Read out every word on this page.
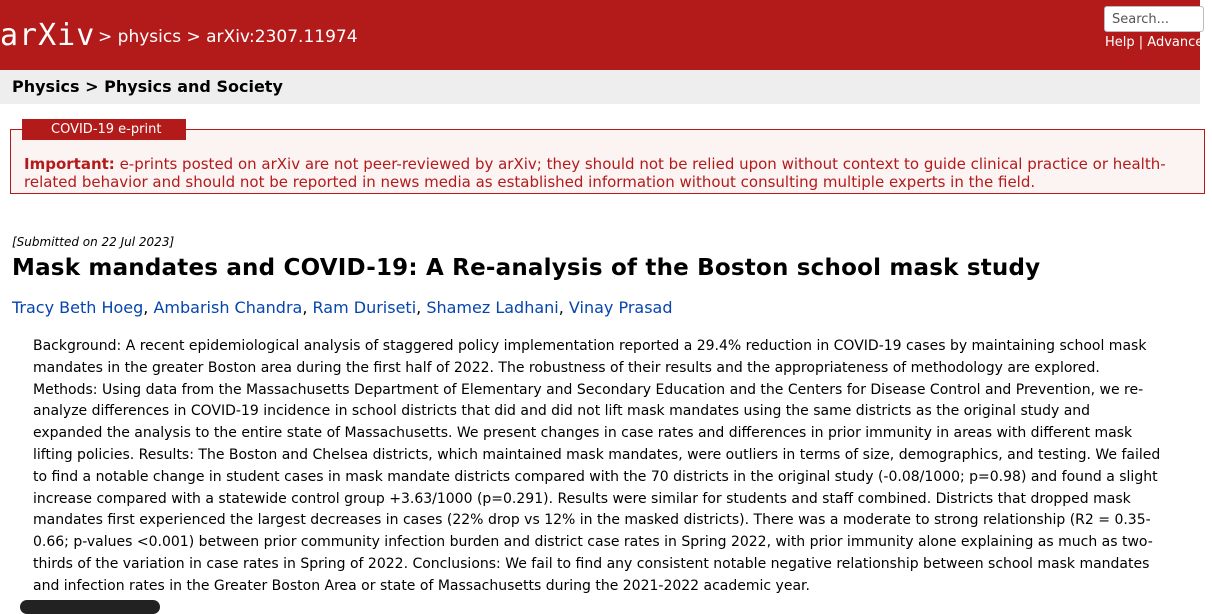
arXiv > physics > arXiv:2307.11974
Search...
Help | Advanced
Physics > Physics and Society
COVID-19 e-print
Important: e-prints posted on arXiv are not peer-reviewed by arXiv; they should not be relied upon without context to guide clinical practice or health-related behavior and should not be reported in news media as established information without consulting multiple experts in the field.
[Submitted on 22 Jul 2023]
Mask mandates and COVID-19: A Re-analysis of the Boston school mask study
Tracy Beth Hoeg, Ambarish Chandra, Ram Duriseti, Shamez Ladhani, Vinay Prasad
Background: A recent epidemiological analysis of staggered policy implementation reported a 29.4% reduction in COVID-19 cases by maintaining school mask mandates in the greater Boston area during the first half of 2022. The robustness of their results and the appropriateness of methodology are explored. Methods: Using data from the Massachusetts Department of Elementary and Secondary Education and the Centers for Disease Control and Prevention, we re-analyze differences in COVID-19 incidence in school districts that did and did not lift mask mandates using the same districts as the original study and expanded the analysis to the entire state of Massachusetts. We present changes in case rates and differences in prior immunity in areas with different mask lifting policies. Results: The Boston and Chelsea districts, which maintained mask mandates, were outliers in terms of size, demographics, and testing. We failed to find a notable change in student cases in mask mandate districts compared with the 70 districts in the original study (-0.08/1000; p=0.98) and found a slight increase compared with a statewide control group +3.63/1000 (p=0.291). Results were similar for students and staff combined. Districts that dropped mask mandates first experienced the largest decreases in cases (22% drop vs 12% in the masked districts). There was a moderate to strong relationship (R2 = 0.35-0.66; p-values <0.001) between prior community infection burden and district case rates in Spring 2022, with prior immunity alone explaining as much as two-thirds of the variation in case rates in Spring of 2022. Conclusions: We fail to find any consistent notable negative relationship between school mask mandates and infection rates in the Greater Boston Area or state of Massachusetts during the 2021-2022 academic year.
